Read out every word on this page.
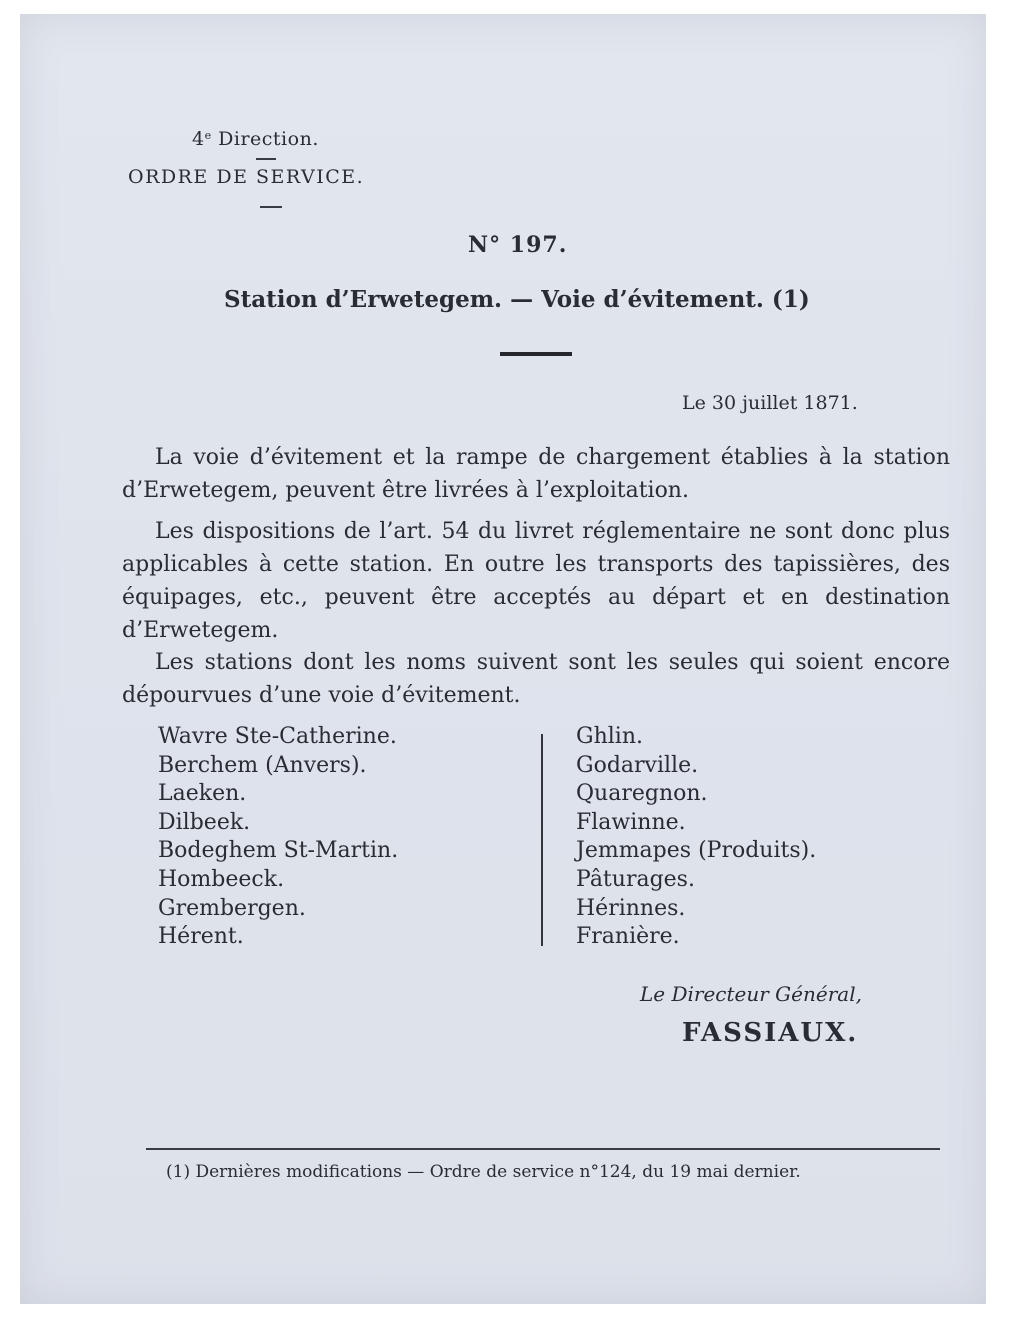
4e Direction.
ORDRE DE SERVICE.
N° 197.
Station d’Erwetegem. — Voie d’évitement. (1)
Le 30 juillet 1871.
La voie d’évitement et la rampe de chargement établies à la station d’Erwetegem, peuvent être livrées à l’exploitation.
Les dispositions de l’art. 54 du livret réglementaire ne sont donc plus applicables à cette station. En outre les transports des tapissières, des équipages, etc., peuvent être acceptés au départ et en destination d’Erwetegem.
Les stations dont les noms suivent sont les seules qui soient encore dépourvues d’une voie d’évitement.
Wavre Ste-Catherine.
Berchem (Anvers).
Laeken.
Dilbeek.
Bodeghem St-Martin.
Hombeeck.
Grembergen.
Hérent.
Ghlin.
Godarville.
Quaregnon.
Flawinne.
Jemmapes (Produits).
Pâturages.
Hérinnes.
Franière.
Le Directeur Général,
FASSIAUX.
(1) Dernières modifications — Ordre de service n°124, du 19 mai dernier.
